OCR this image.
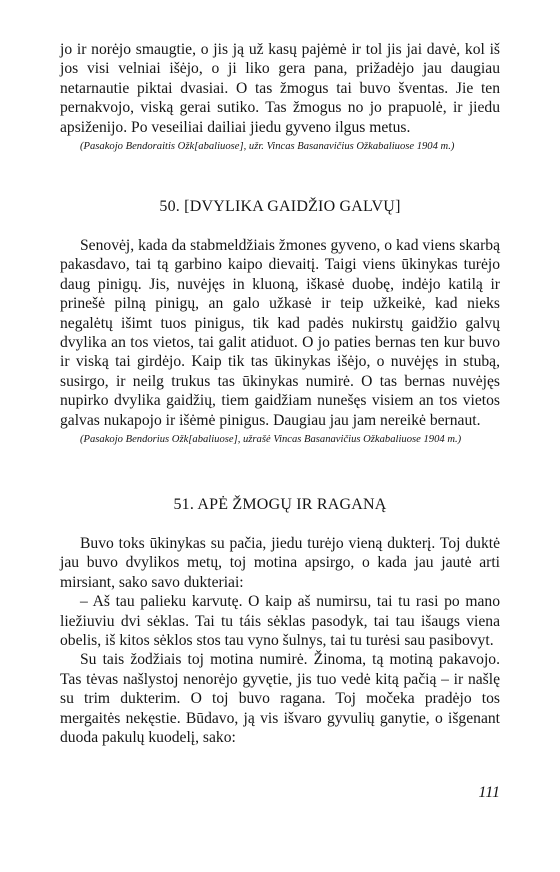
jo ir norėjo smaugtie, o jis ją už kasų pajėmė ir tol jis jai davė, kol iš jos visi velniai išėjo, o ji liko gera pana, prižadėjo jau daugiau netarnautie piktai dvasiai. O tas žmogus tai buvo šventas. Jie ten pernakvojo, viską gerai sutiko. Tas žmogus no jo prapuolė, ir jiedu apsiženijo. Po veseiliai dailiai jiedu gyveno ilgus metus.

(Pasakojo Bendoraitis Ožk[abaliuose], užr. Vincas Basanavičius Ožkabaliuose 1904 m.)

50. [DVYLIKA GAIDŽIO GALVŲ]

Senovėj, kada da stabmeldžiais žmones gyveno, o kad viens skarbą pakasdavo, tai tą garbino kaipo dievaitį. Taigi viens ūkinykas turėjo daug pinigų. Jis, nuvėjęs in kluoną, iškasė duobę, indėjo katilą ir prinešė pilną pinigų, an galo užkasė ir teip užkeikė, kad nieks negalėtų išimt tuos pinigus, tik kad padės nukirstų gaidžio galvų dvylika an tos vietos, tai galit atiduot. O jo paties bernas ten kur buvo ir viską tai girdėjo. Kaip tik tas ūkinykas išėjo, o nuvėjęs in stubą, susirgo, ir neilg trukus tas ūkinykas numirė. O tas bernas nuvėjęs nupirko dvylika gaidžių, tiem gaidžiam nunešęs visiem an tos vietos galvas nukapojo ir išėmė pinigus. Daugiau jau jam nereikė bernaut.

(Pasakojo Bendorius Ožk[abaliuose], užrašė Vincas Basanavičius Ožkabaliuose 1904 m.)

51. APĖ ŽMOGŲ IR RAGANĄ

Buvo toks ūkinykas su pačia, jiedu turėjo vieną dukterį. Toj duktė jau buvo dvylikos metų, toj motina apsirgo, o kada jau jautė arti mirsiant, sako savo dukteriai:

– Aš tau palieku karvutę. O kaip aš numirsu, tai tu rasi po mano liežiuviu dvi sėklas. Tai tu táis sėklas pasodyk, tai tau išaugs viena obelis, iš kitos sėklos stos tau vyno šulnys, tai tu turėsi sau pasibovyt.

Su tais žodžiais toj motina numirė. Žinoma, tą motiną pakavojo. Tas tėvas našlystoj nenorėjo gyvętie, jis tuo vedė kitą pačią – ir našlę su trim dukterim. O toj buvo ragana. Toj močeka pradėjo tos mergaitės nekęstie. Būdavo, ją vis išvaro gyvulių ganytie, o išgenant duoda pakulų kuodelį, sako:

111
